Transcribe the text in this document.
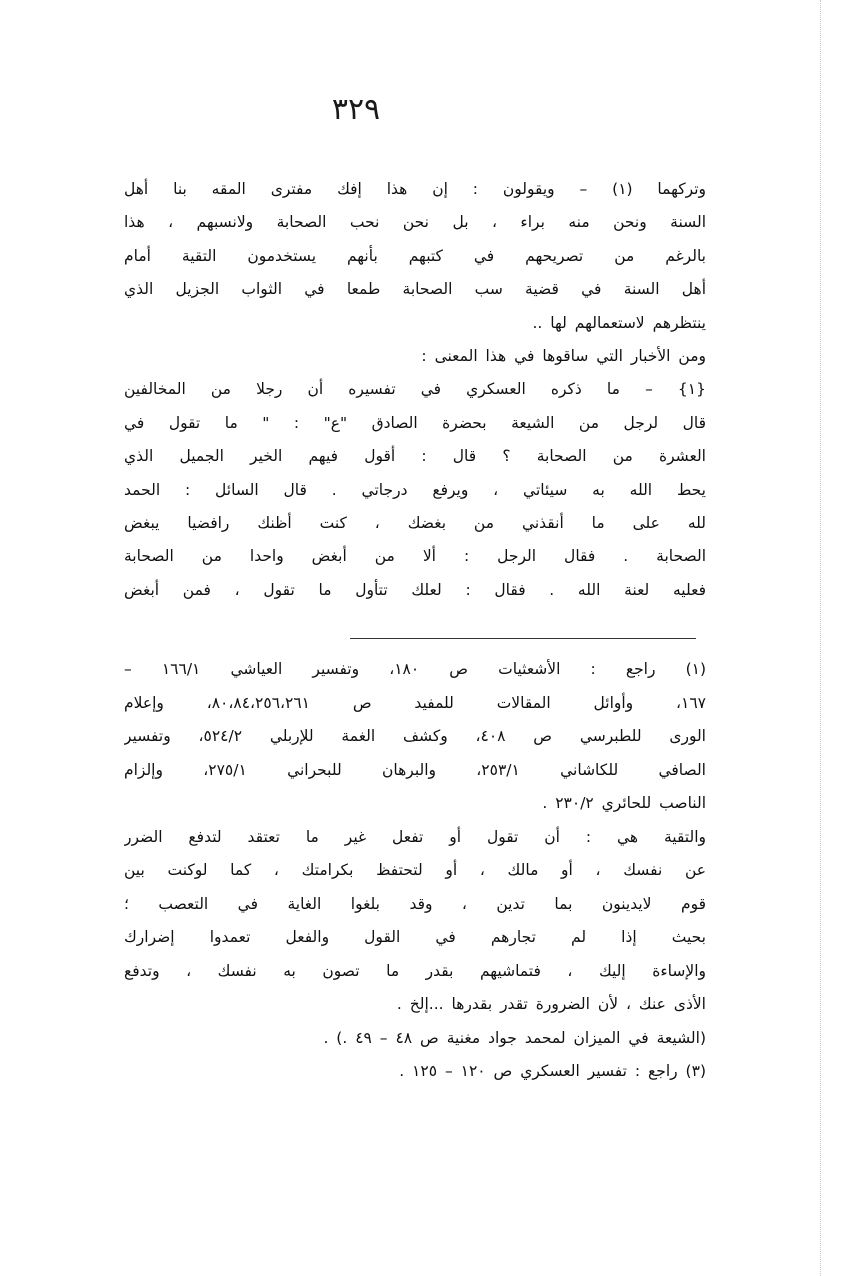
٣٢٩
وتركهما (١) – ويقولون : إن هذا إفك مفترى المقه بنا أهل
السنة ونحن منه براء ، بل نحن نحب الصحابة ولانسبهم ، هذا
بالرغم من تصريحهم في كتبهم بأنهم يستخدمون التقية أمام
أهل السنة في قضية سب الصحابة طمعا في الثواب الجزيل الذي
ينتظرهم لاستعمالهم لها ..
ومن الأخبار التي ساقوها في هذا المعنى :
{١} – ما ذكره العسكري في تفسيره أن رجلا من المخالفين
قال لرجل من الشيعة بحضرة الصادق "ع" : " ما تقول في
العشرة من الصحابة ؟ قال : أقول فيهم الخير الجميل الذي
يحط الله به سيئاتي ، ويرفع درجاتي . قال السائل : الحمد
لله على ما أنقذني من بغضك ، كنت أظنك رافضيا يبغض
الصحابة . فقال الرجل : ألا من أبغض واحدا من الصحابة
فعليه لعنة الله . فقال : لعلك تتأول ما تقول ، فمن أبغض
(١) راجع : الأشعثيات ص ١٨٠، وتفسير العياشي ١٦٦/١ –
١٦٧، وأوائل المقالات للمفيد ص ٨٠،٨٤،٢٥٦،٢٦١، وإعلام
الورى للطبرسي ص ٤٠٨، وكشف الغمة للإربلي ٥٢٤/٢، وتفسير
الصافي للكاشاني ٢٥٣/١، والبرهان للبحراني ٢٧٥/١، وإلزام
الناصب للحائري ٢٣٠/٢ .
والتقية هي : أن تقول أو تفعل غير ما تعتقد لتدفع الضرر
عن نفسك ، أو مالك ، أو لتحتفظ بكرامتك ، كما لوكنت بين
قوم لايدينون بما تدين ، وقد بلغوا الغاية في التعصب ؛
بحيث إذا لم تجارهم في القول والفعل تعمدوا إضرارك
والإساءة إليك ، فتماشيهم بقدر ما تصون به نفسك ، وتدفع
الأذى عنك ، لأن الضرورة تقدر بقدرها ...إلخ .
(الشيعة في الميزان لمحمد جواد مغنية ص ٤٨ – ٤٩ .) .
(٣) راجع : تفسير العسكري ص ١٢٠ – ١٢٥ .
